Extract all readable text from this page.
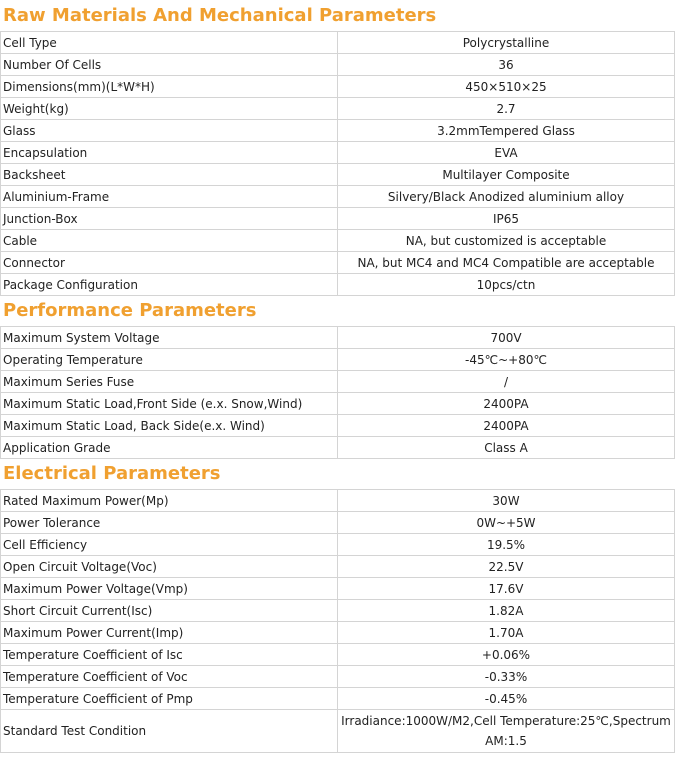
Raw Materials And Mechanical Parameters	
Cell Type	Polycrystalline
Number Of Cells	36
Dimensions(mm)(L*W*H)	450×510×25
Weight(kg)	2.7
Glass	3.2mmTempered Glass
Encapsulation	EVA
Backsheet	Multilayer Composite
Aluminium-Frame	Silvery/Black Anodized aluminium alloy
Junction-Box	IP65
Cable	NA, but customized is acceptable
Connector	NA, but MC4 and MC4 Compatible are acceptable
Package Configuration	10pcs/ctn
Performance Parameters	
Maximum System Voltage	700V
Operating Temperature	-45℃~+80℃
Maximum Series Fuse	/
Maximum Static Load,Front Side (e.x. Snow,Wind)	2400PA
Maximum Static Load, Back Side(e.x. Wind)	2400PA
Application Grade	Class A
Electrical Parameters	
Rated Maximum Power(Mp)	30W
Power Tolerance	0W~+5W
Cell Efficiency	19.5%
Open Circuit Voltage(Voc)	22.5V
Maximum Power Voltage(Vmp)	17.6V
Short Circuit Current(Isc)	1.82A
Maximum Power Current(Imp)	1.70A
Temperature Coefficient of Isc	+0.06%
Temperature Coefficient of Voc	-0.33%
Temperature Coefficient of Pmp	-0.45%
Standard Test Condition	Irradiance:1000W/M2,Cell Temperature:25℃,Spectrum AM:1.5
